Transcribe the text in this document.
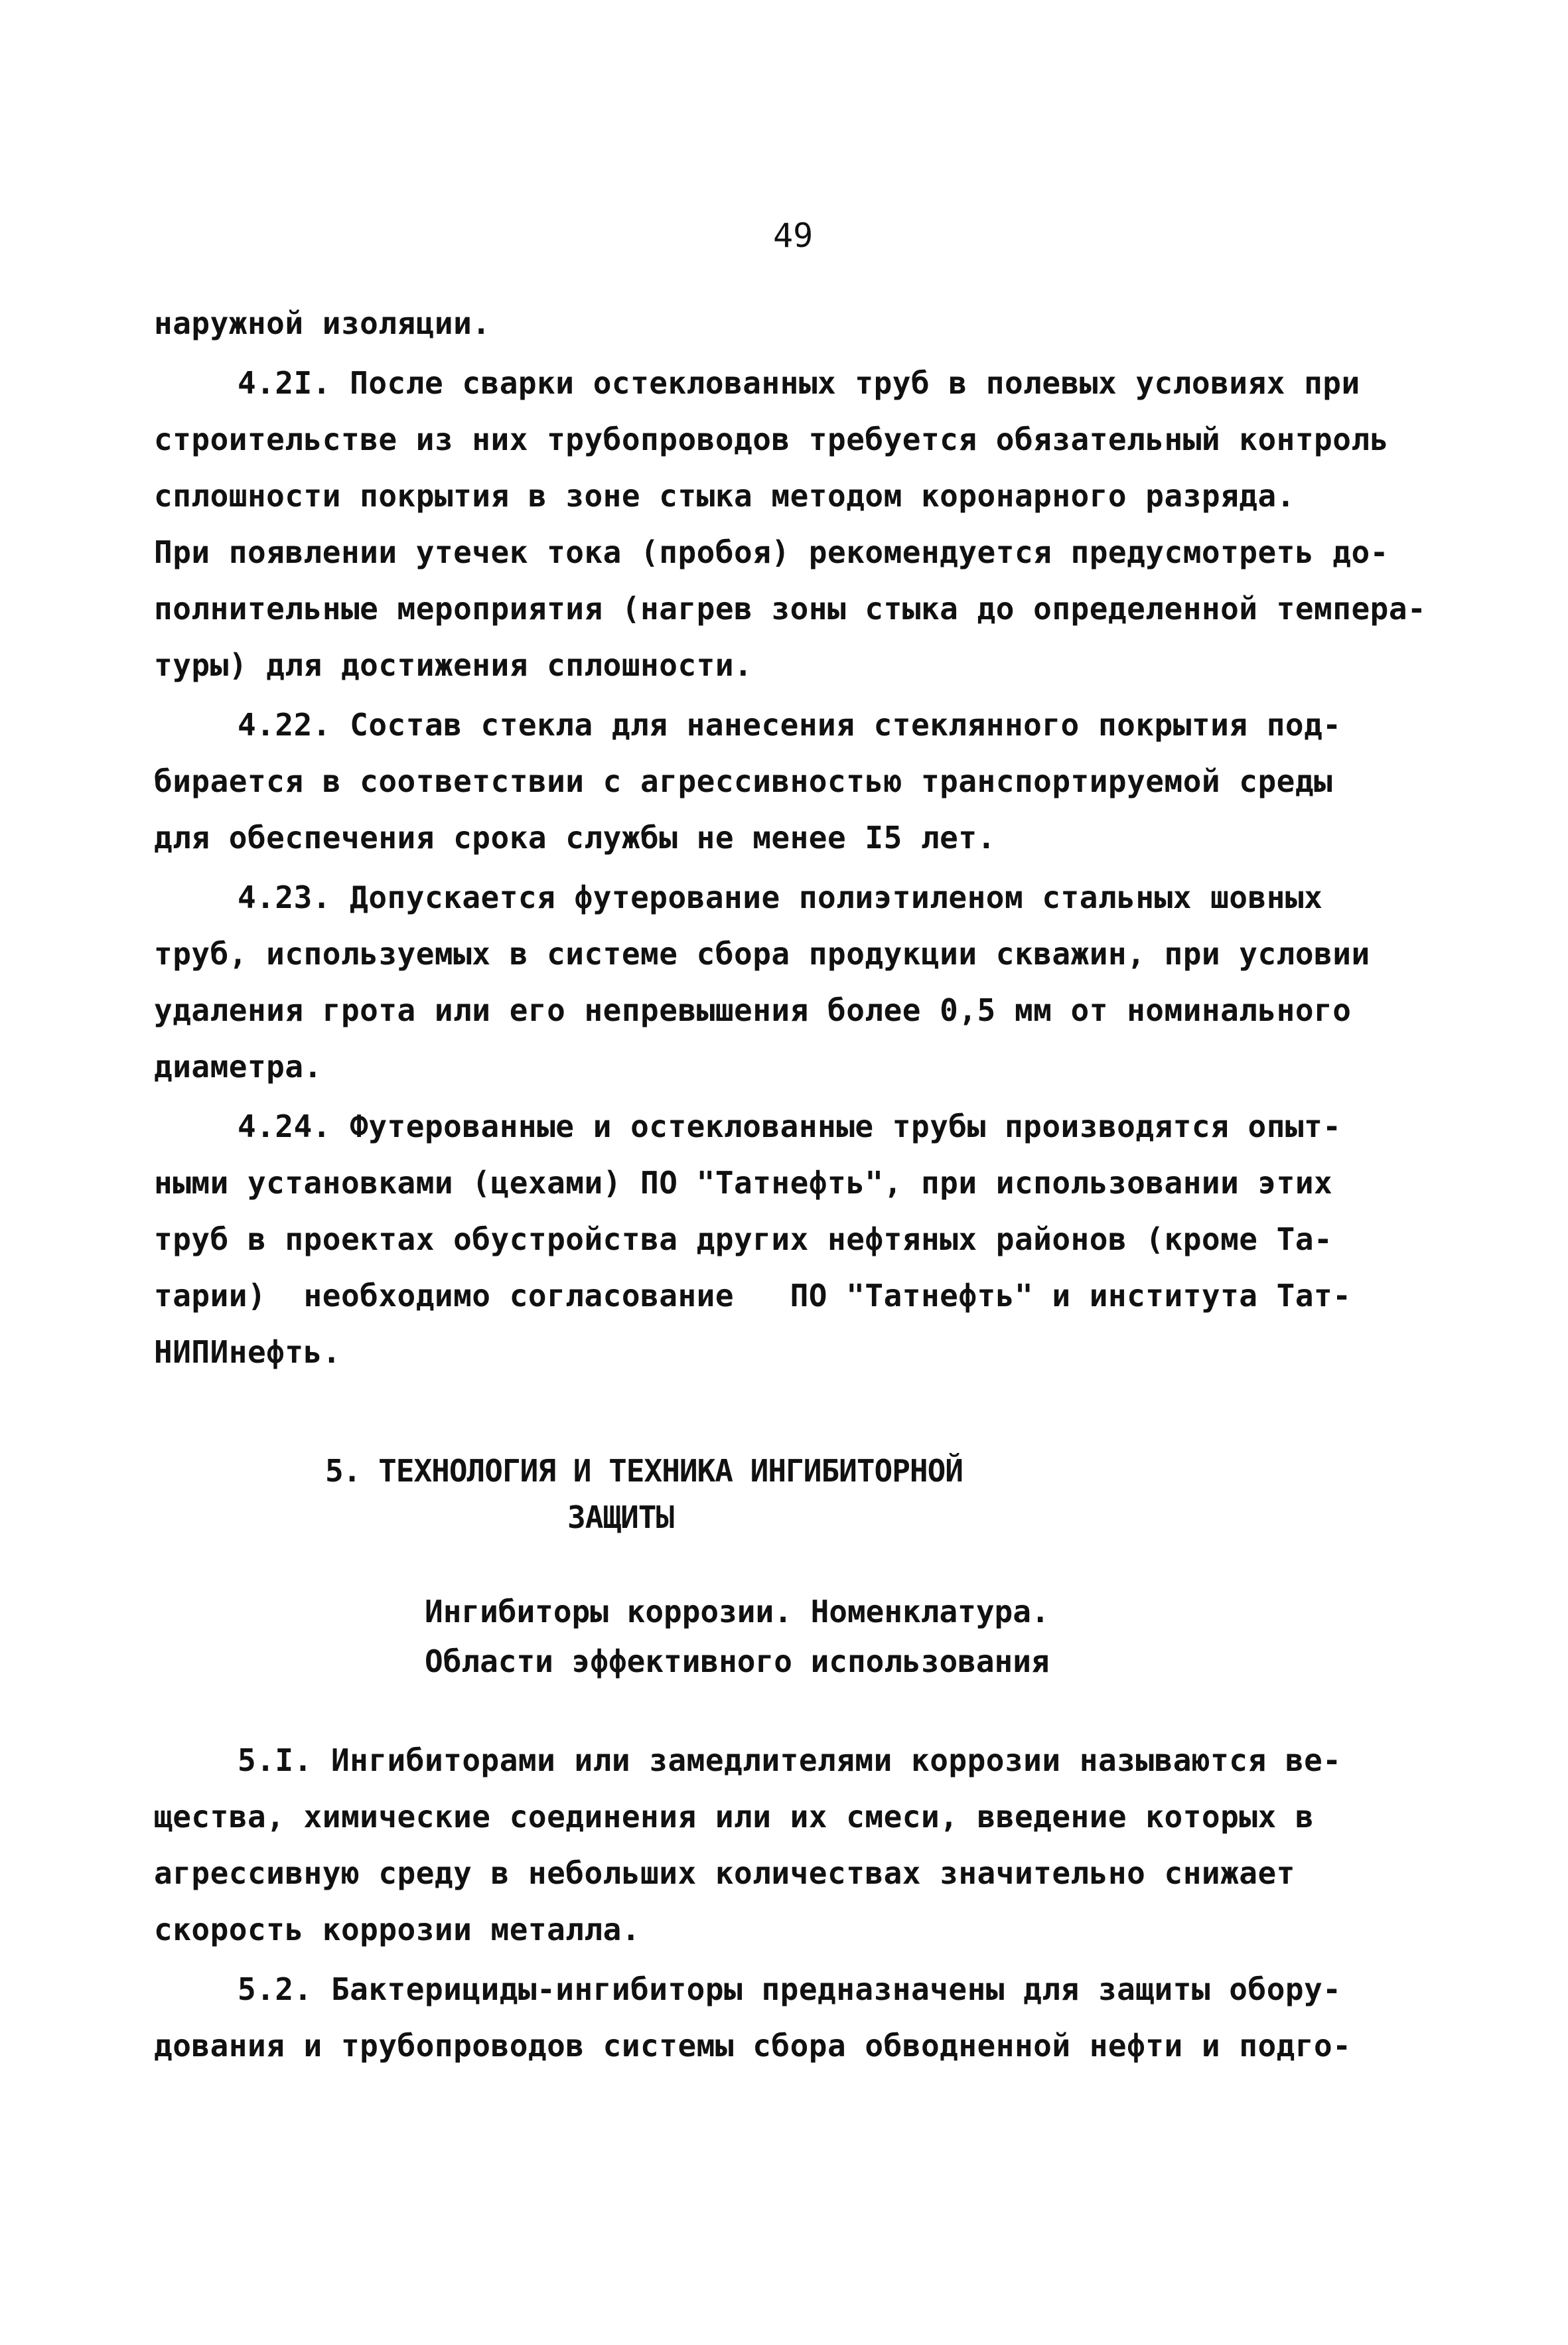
49
наружной изоляции.
4.2I. После сварки остеклованных труб в полевых условиях при
строительстве из них трубопроводов требуется обязательный контроль
сплошности покрытия в зоне стыка методом коронарного разряда.
При появлении утечек тока (пробоя) рекомендуется предусмотреть до-
полнительные мероприятия (нагрев зоны стыка до определенной темпера-
туры) для достижения сплошности.
4.22. Состав стекла для нанесения стеклянного покрытия под-
бирается в соответствии с агрессивностью транспортируемой среды
для обеспечения срока службы не менее I5 лет.
4.23. Допускается футерование полиэтиленом стальных шовных
труб, используемых в системе сбора продукции скважин, при условии
удаления грота или его непревышения более 0,5 мм от номинального
диаметра.
4.24. Футерованные и остеклованные трубы производятся опыт-
ными установками (цехами) ПО "Татнефть", при использовании этих
труб в проектах обустройства других нефтяных районов (кроме Та-
тарии)  необходимо согласование   ПО "Татнефть" и института Тат-
НИПИнефть.
5. ТЕХНОЛОГИЯ И ТЕХНИКА ИНГИБИТОРНОЙ
ЗАЩИТЫ
Ингибиторы коррозии. Номенклатура.
Области эффективного использования
5.I. Ингибиторами или замедлителями коррозии называются ве-
щества, химические соединения или их смеси, введение которых в
агрессивную среду в небольших количествах значительно снижает
скорость коррозии металла.
5.2. Бактерициды-ингибиторы предназначены для защиты обору-
дования и трубопроводов системы сбора обводненной нефти и подго-
